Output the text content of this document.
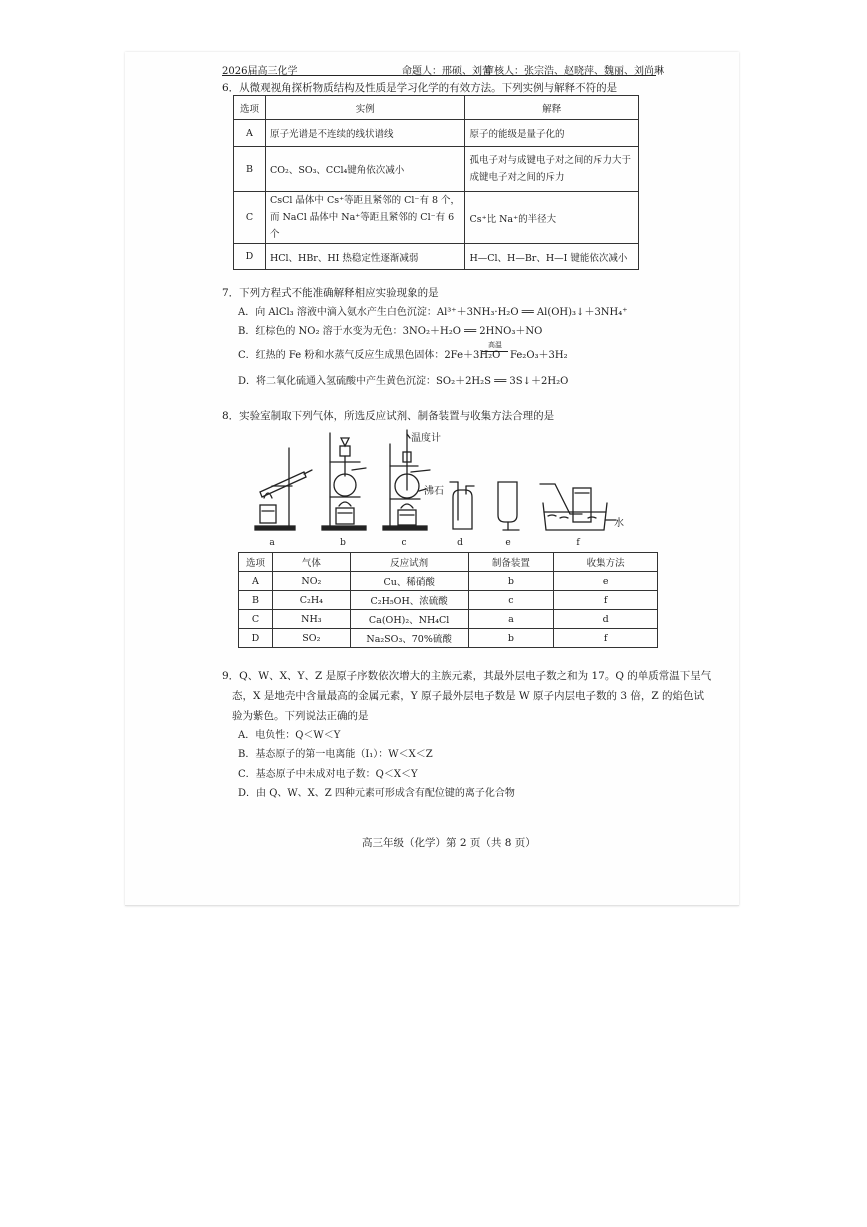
2026届高三化学	命题人：邢硕、刘蕾
审核人：张宗浩、赵晓萍、魏丽、刘尚琳
6．从微观视角探析物质结构及性质是学习化学的有效方法。下列实例与解释不符的是
选项	实例	解释
A	原子光谱是不连续的线状谱线	原子的能级是量子化的
B	CO₂、SO₃、CCl₄键角依次减小	孤电子对与成键电子对之间的斥力大于
成键电子对之间的斥力

C	CsCl 晶体中 Cs⁺等距且紧邻的 Cl⁻有 8 个，
而 NaCl 晶体中 Na⁺等距且紧邻的 Cl⁻有 6 个	Cs⁺比 Na⁺的半径大
D	HCl、HBr、HI 热稳定性逐渐减弱	H—Cl、H—Br、H—I 键能依次减小
7．下列方程式不能准确解释相应实验现象的是
A．向 AlCl₃ 溶液中滴入氨水产生白色沉淀：Al³⁺＋3NH₃·H₂O ══ Al(OH)₃↓＋3NH₄⁺
B．红棕色的 NO₂ 溶于水变为无色：3NO₂＋H₂O ══ 2HNO₃＋NO
C．红热的 Fe 粉和水蒸气反应生成黑色固体：2Fe＋3H₂O
高温
Fe₂O₃＋3H₂
D．将二氧化硫通入氢硫酸中产生黄色沉淀：SO₂＋2H₂S ══ 3S↓＋2H₂O
8．实验室制取下列气体，所选反应试剂、制备装置与收集方法合理的是
温度计
沸石
水
a	b	c	d	e	f
选项	气体	反应试剂	制备装置	收集方法
A	NO₂	Cu、稀硝酸	b	e
B	C₂H₄	C₂H₅OH、浓硫酸	c	f
C	NH₃	Ca(OH)₂、NH₄Cl	a	d
D	SO₂	Na₂SO₃、70%硫酸	b	f
9．Q、W、X、Y、Z 是原子序数依次增大的主族元素，其最外层电子数之和为 17。Q 的单质常温下呈气
态，X 是地壳中含量最高的金属元素，Y 原子最外层电子数是 W 原子内层电子数的 3 倍，Z 的焰色试
验为紫色。下列说法正确的是
A．电负性：Q＜W＜Y
B．基态原子的第一电离能（I₁）：W＜X＜Z
C．基态原子中未成对电子数：Q＜X＜Y
D．由 Q、W、X、Z 四种元素可形成含有配位键的离子化合物
高三年级（化学）第 2 页（共 8 页）
